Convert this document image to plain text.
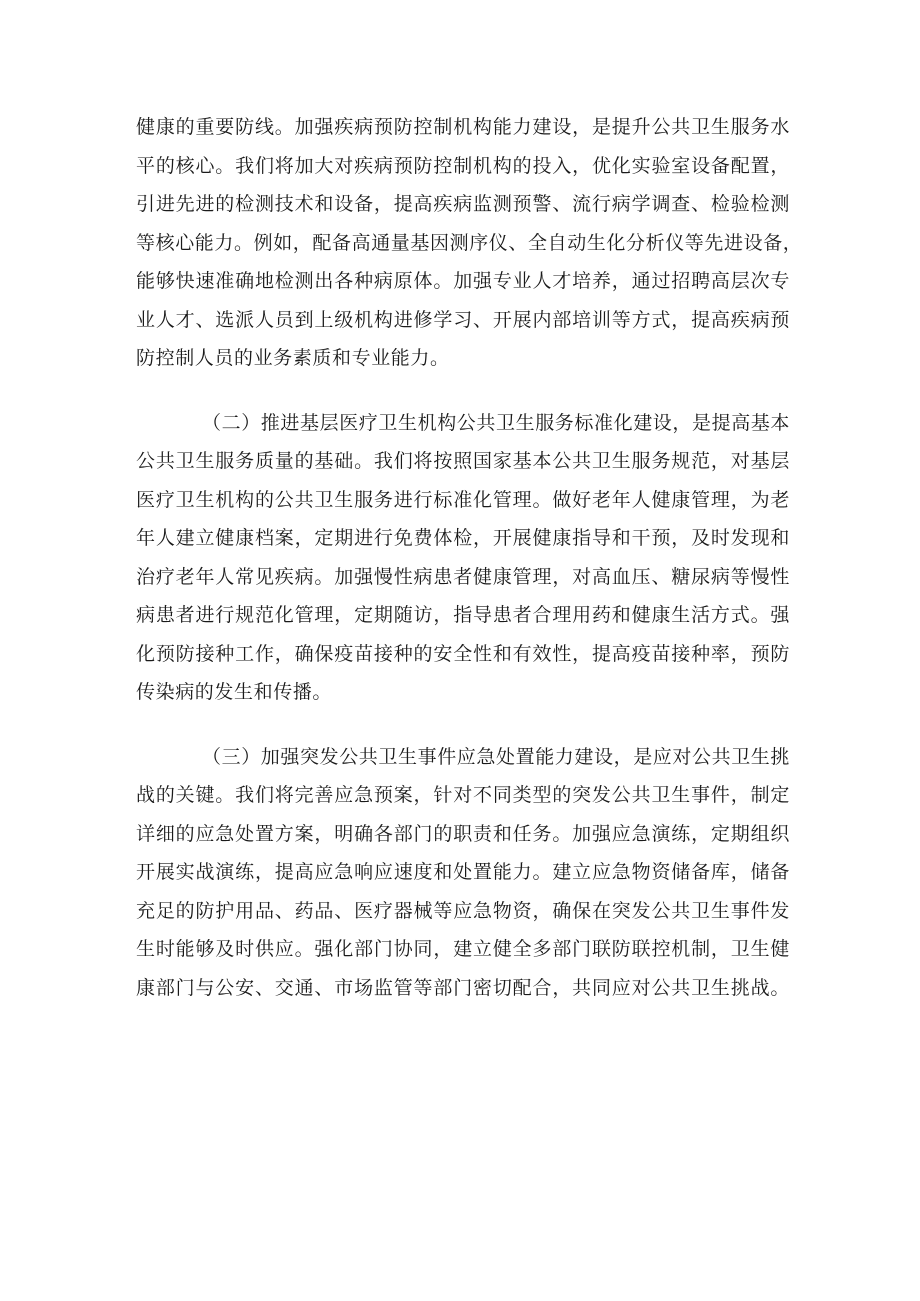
健康的重要防线。加强疾病预防控制机构能力建设，是提升公共卫生服务水
平的核心。我们将加大对疾病预防控制机构的投入，优化实验室设备配置，
引进先进的检测技术和设备，提高疾病监测预警、流行病学调查、检验检测
等核心能力。例如，配备高通量基因测序仪、全自动生化分析仪等先进设备，
能够快速准确地检测出各种病原体。加强专业人才培养，通过招聘高层次专
业人才、选派人员到上级机构进修学习、开展内部培训等方式，提高疾病预
防控制人员的业务素质和专业能力。
（二）推进基层医疗卫生机构公共卫生服务标准化建设，是提高基本
公共卫生服务质量的基础。我们将按照国家基本公共卫生服务规范，对基层
医疗卫生机构的公共卫生服务进行标准化管理。做好老年人健康管理，为老
年人建立健康档案，定期进行免费体检，开展健康指导和干预，及时发现和
治疗老年人常见疾病。加强慢性病患者健康管理，对高血压、糖尿病等慢性
病患者进行规范化管理，定期随访，指导患者合理用药和健康生活方式。强
化预防接种工作，确保疫苗接种的安全性和有效性，提高疫苗接种率，预防
传染病的发生和传播。
（三）加强突发公共卫生事件应急处置能力建设，是应对公共卫生挑
战的关键。我们将完善应急预案，针对不同类型的突发公共卫生事件，制定
详细的应急处置方案，明确各部门的职责和任务。加强应急演练，定期组织
开展实战演练，提高应急响应速度和处置能力。建立应急物资储备库，储备
充足的防护用品、药品、医疗器械等应急物资，确保在突发公共卫生事件发
生时能够及时供应。强化部门协同，建立健全多部门联防联控机制，卫生健
康部门与公安、交通、市场监管等部门密切配合，共同应对公共卫生挑战。
